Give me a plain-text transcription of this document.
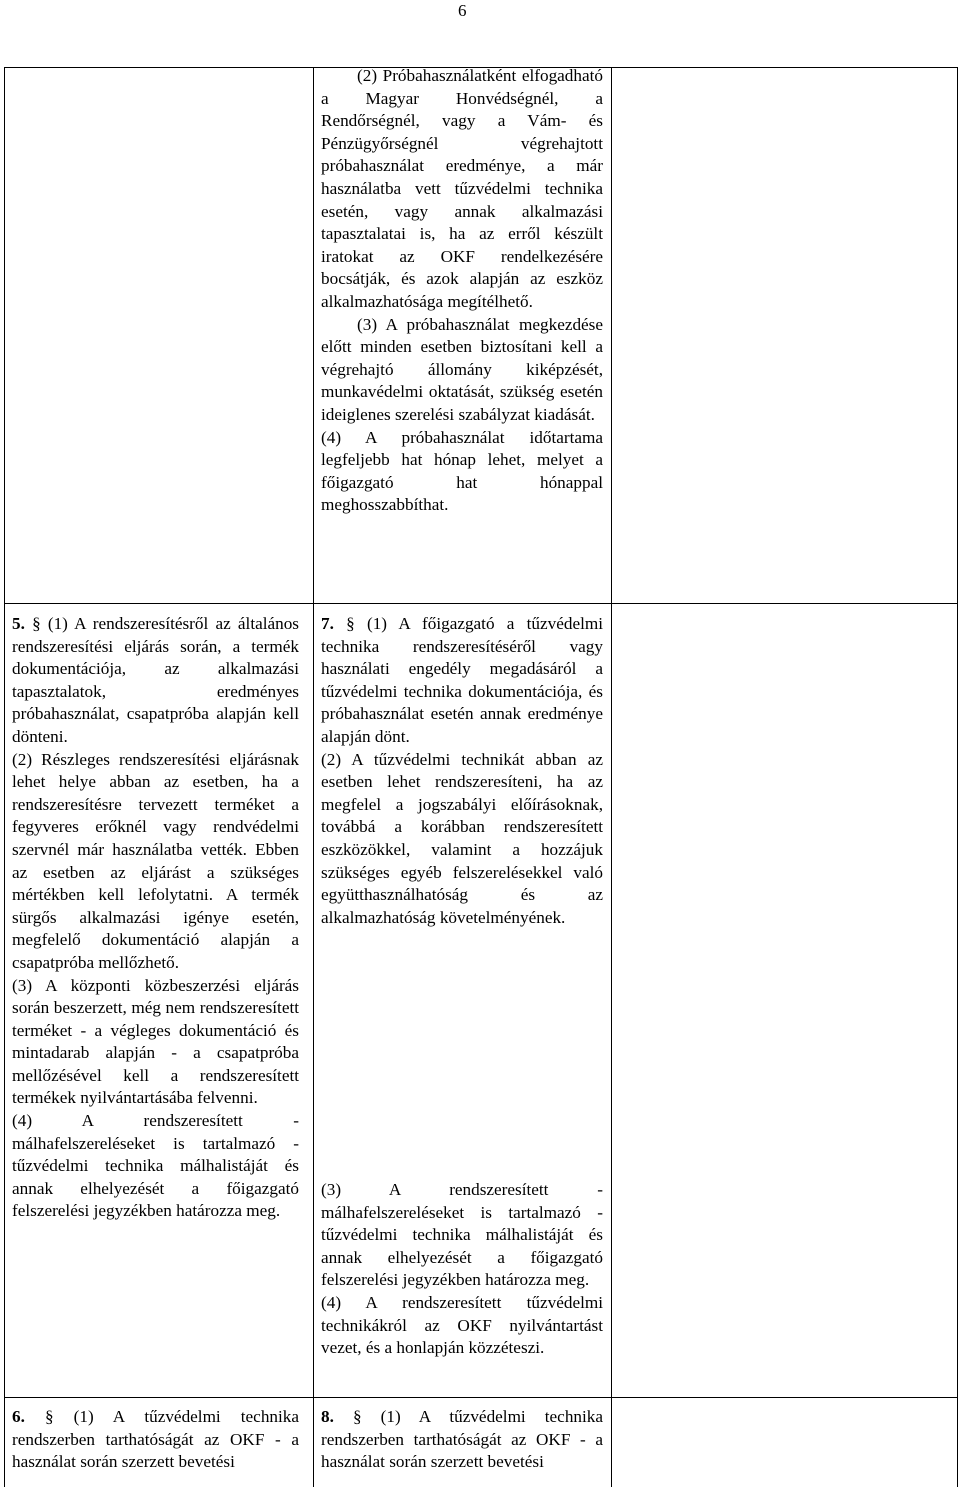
6

(2) Próbahasználatként elfogadható a Magyar Honvédségnél, a Rendőrségnél, vagy a Vám- és Pénzügyőrségnél végrehajtott próbahasználat eredménye, a már használatba vett tűzvédelmi technika esetén, vagy annak alkalmazási tapasztalatai is, ha az erről készült iratokat az OKF rendelkezésére bocsátják, és azok alapján az eszköz alkalmazhatósága megítélhető.

(3) A próbahasználat megkezdése előtt minden esetben biztosítani kell a végrehajtó állomány kiképzését, munkavédelmi oktatását, szükség esetén ideiglenes szerelési szabályzat kiadását.

(4) A próbahasználat időtartama legfeljebb hat hónap lehet, melyet a főigazgató hat hónappal meghosszabbíthat.

5. § (1) A rendszeresítésről az általános rendszeresítési eljárás során, a termék dokumentációja, az alkalmazási tapasztalatok, eredményes próbahasználat, csapatpróba alapján kell dönteni.

(2) Részleges rendszeresítési eljárásnak lehet helye abban az esetben, ha a rendszeresítésre tervezett terméket a fegyveres erőknél vagy rendvédelmi szervnél már használatba vették. Ebben az esetben az eljárást a szükséges mértékben kell lefolytatni. A termék sürgős alkalmazási igénye esetén, megfelelő dokumentáció alapján a csapatpróba mellőzhető.

(3) A központi közbeszerzési eljárás során beszerzett, még nem rendszeresített terméket - a végleges dokumentáció és mintadarab alapján - a csapatpróba mellőzésével kell a rendszeresített termékek nyilvántartásába felvenni.

(4) A rendszeresített - málhafelszereléseket is tartalmazó - tűzvédelmi technika málhalistáját és annak elhelyezését a főigazgató felszerelési jegyzékben határozza meg.

7. § (1) A főigazgató a tűzvédelmi technika rendszeresítéséről vagy használati engedély megadásáról a tűzvédelmi technika dokumentációja, és próbahasználat esetén annak eredménye alapján dönt.

(2) A tűzvédelmi technikát abban az esetben lehet rendszeresíteni, ha az megfelel a jogszabályi előírásoknak, továbbá a korábban rendszeresített eszközökkel, valamint a hozzájuk szükséges egyéb felszerelésekkel való együtthasználhatóság és az alkalmazhatóság követelményének.

(3) A rendszeresített - málhafelszereléseket is tartalmazó - tűzvédelmi technika málhalistáját és annak elhelyezését a főigazgató felszerelési jegyzékben határozza meg.

(4) A rendszeresített tűzvédelmi technikákról az OKF nyilvántartást vezet, és a honlapján közzéteszi.

6. § (1) A tűzvédelmi technika rendszerben tarthatóságát az OKF - a használat során szerzett bevetési

8. § (1) A tűzvédelmi technika rendszerben tarthatóságát az OKF - a használat során szerzett bevetési
